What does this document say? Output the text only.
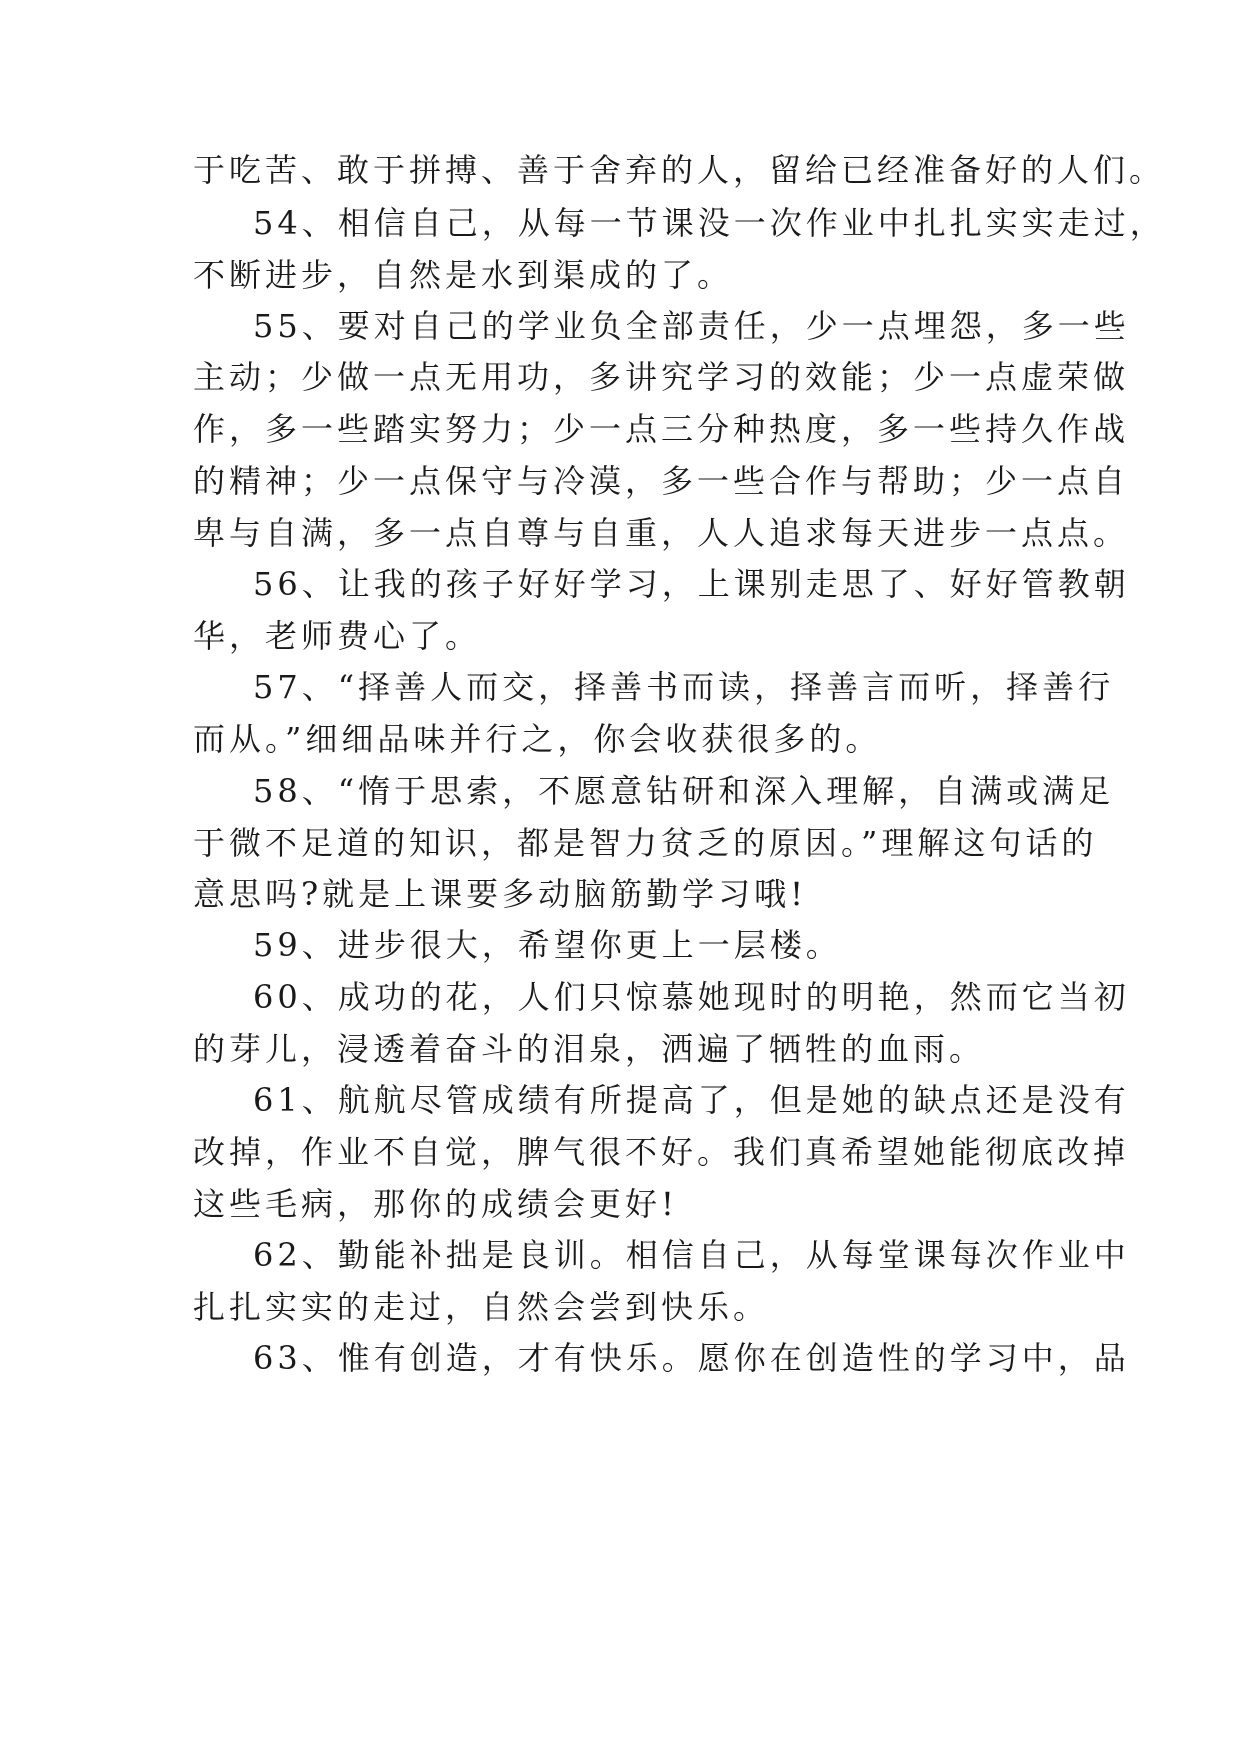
于吃苦、敢于拼搏、善于舍弃的人，留给已经准备好的人们。

54、相信自己，从每一节课没一次作业中扎扎实实走过，

不断进步，自然是水到渠成的了。

55、要对自己的学业负全部责任，少一点埋怨，多一些

主动；少做一点无用功，多讲究学习的效能；少一点虚荣做

作，多一些踏实努力；少一点三分种热度，多一些持久作战

的精神；少一点保守与冷漠，多一些合作与帮助；少一点自

卑与自满，多一点自尊与自重，人人追求每天进步一点点。

56、让我的孩子好好学习，上课别走思了、好好管教朝

华，老师费心了。

57、“择善人而交，择善书而读，择善言而听，择善行

而从。”细细品味并行之，你会收获很多的。

58、“惰于思索，不愿意钻研和深入理解，自满或满足

于微不足道的知识，都是智力贫乏的原因。”理解这句话的

意思吗?就是上课要多动脑筋勤学习哦!

59、进步很大，希望你更上一层楼。

60、成功的花，人们只惊慕她现时的明艳，然而它当初

的芽儿，浸透着奋斗的泪泉，洒遍了牺牲的血雨。

61、航航尽管成绩有所提高了，但是她的缺点还是没有

改掉，作业不自觉，脾气很不好。我们真希望她能彻底改掉

这些毛病，那你的成绩会更好!

62、勤能补拙是良训。相信自己，从每堂课每次作业中

扎扎实实的走过，自然会尝到快乐。

63、惟有创造，才有快乐。愿你在创造性的学习中，品
